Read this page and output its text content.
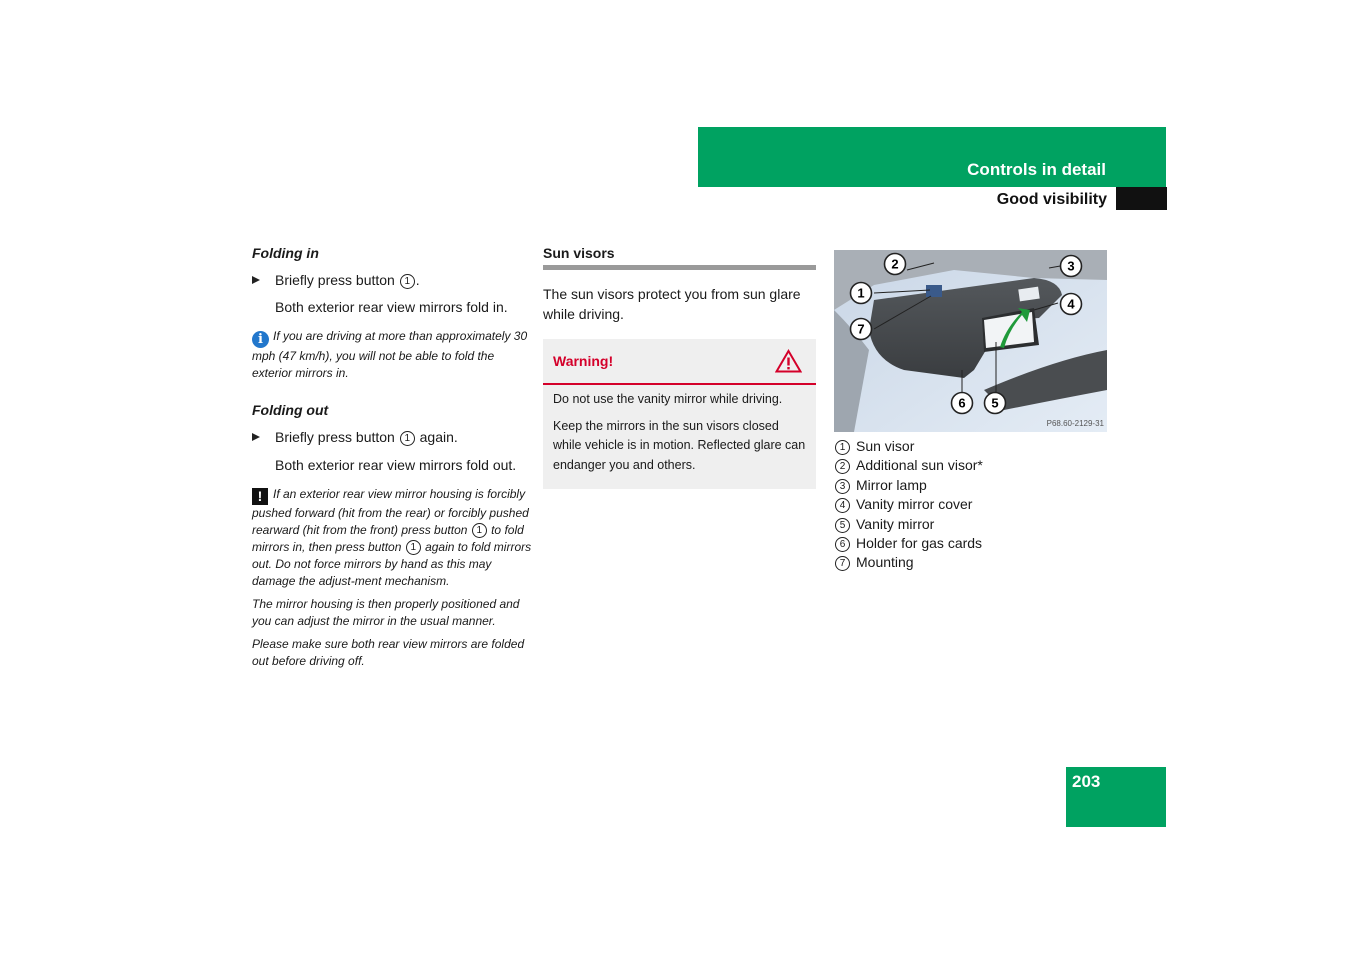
Controls in detail
Good visibility

Folding in

Briefly press button 1 .

Both exterior rear view mirrors fold in.

i If you are driving at more than approximately 30 mph (47 km/h), you will not be able to fold the exterior mirrors in.

Folding out

Briefly press button 1 again.

Both exterior rear view mirrors fold out.

! If an exterior rear view mirror housing is forcibly pushed forward (hit from the rear) or forcibly pushed rearward (hit from the front) press button 1 to fold mirrors in, then press button 1 again to fold mirrors out. Do not force mirrors by hand as this may damage the adjust-ment mechanism.

The mirror housing is then properly positioned and you can adjust the mirror in the usual manner.

Please make sure both rear view mirrors are folded out before driving off.

Sun visors

The sun visors protect you from sun glare while driving.

Warning!

Do not use the vanity mirror while driving.

Keep the mirrors in the sun visors closed while vehicle is in motion. Reflected glare can endanger you and others.

2	3
1
4
7
6 5
P68.60-2129-31
1 Sun visor
2 Additional sun visor*
3 Mirror lamp
4 Vanity mirror cover
5 Vanity mirror
6 Holder for gas cards
7 Mounting
203
